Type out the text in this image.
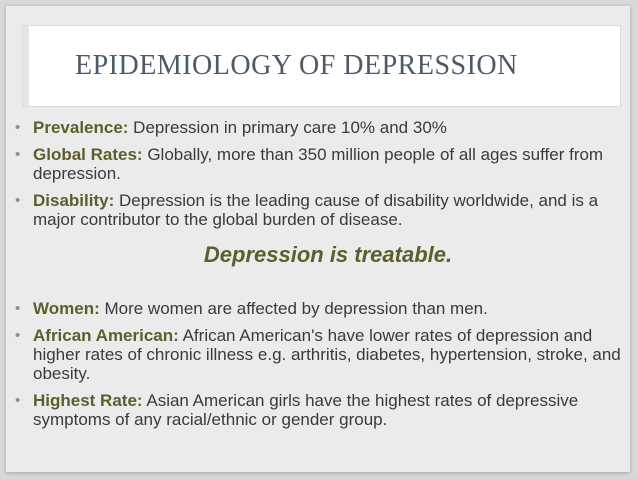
EPIDEMIOLOGY OF DEPRESSION
• Prevalence: Depression in primary care 10% and 30%
• Global Rates: Globally, more than 350 million people of all ages suffer from depression.
• Disability: Depression is the leading cause of disability worldwide, and is a major contributor to the global burden of disease.
Depression is treatable.
• Women: More women are affected by depression than men.
• African American: African American's have lower rates of depression and higher rates of chronic illness e.g. arthritis, diabetes, hypertension, stroke, and obesity.
• Highest Rate: Asian American girls have the highest rates of depressive symptoms of any racial/ethnic or gender group.
